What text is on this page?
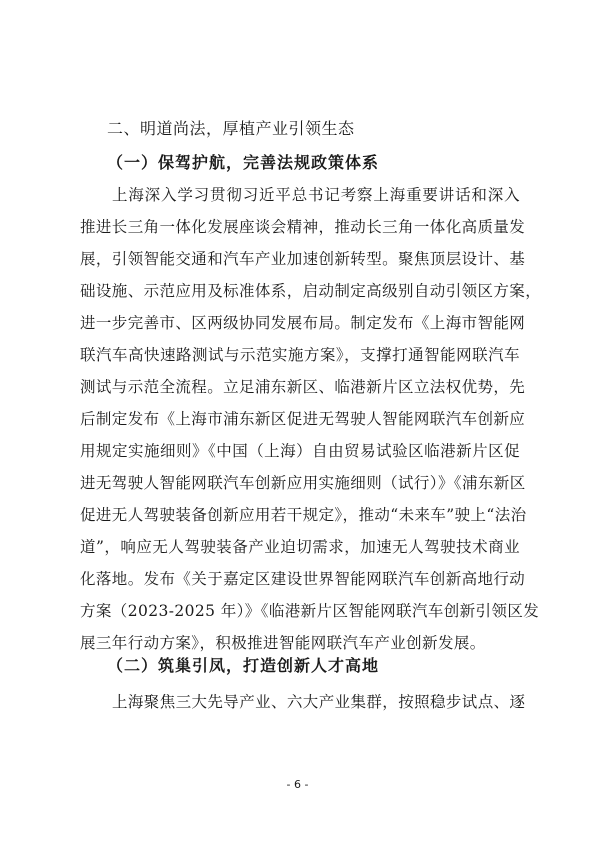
二、明道尚法，厚植产业引领生态
（一）保驾护航，完善法规政策体系
上海深入学习贯彻习近平总书记考察上海重要讲话和深入
推进长三角一体化发展座谈会精神，推动长三角一体化高质量发
展，引领智能交通和汽车产业加速创新转型。聚焦顶层设计、基
础设施、示范应用及标准体系，启动制定高级别自动引领区方案，
进一步完善市、区两级协同发展布局。制定发布《上海市智能网
联汽车高快速路测试与示范实施方案》，支撑打通智能网联汽车
测试与示范全流程。立足浦东新区、临港新片区立法权优势，先
后制定发布《上海市浦东新区促进无驾驶人智能网联汽车创新应
用规定实施细则》《中国（上海）自由贸易试验区临港新片区促
进无驾驶人智能网联汽车创新应用实施细则（试行）》《浦东新区
促进无人驾驶装备创新应用若干规定》，推动“未来车”驶上“法治
道”，响应无人驾驶装备产业迫切需求，加速无人驾驶技术商业
化落地。发布《关于嘉定区建设世界智能网联汽车创新高地行动
方案（2023-2025 年）》《临港新片区智能网联汽车创新引领区发
展三年行动方案》，积极推进智能网联汽车产业创新发展。
（二）筑巢引凤，打造创新人才高地
上海聚焦三大先导产业、六大产业集群，按照稳步试点、逐
- 6 -
